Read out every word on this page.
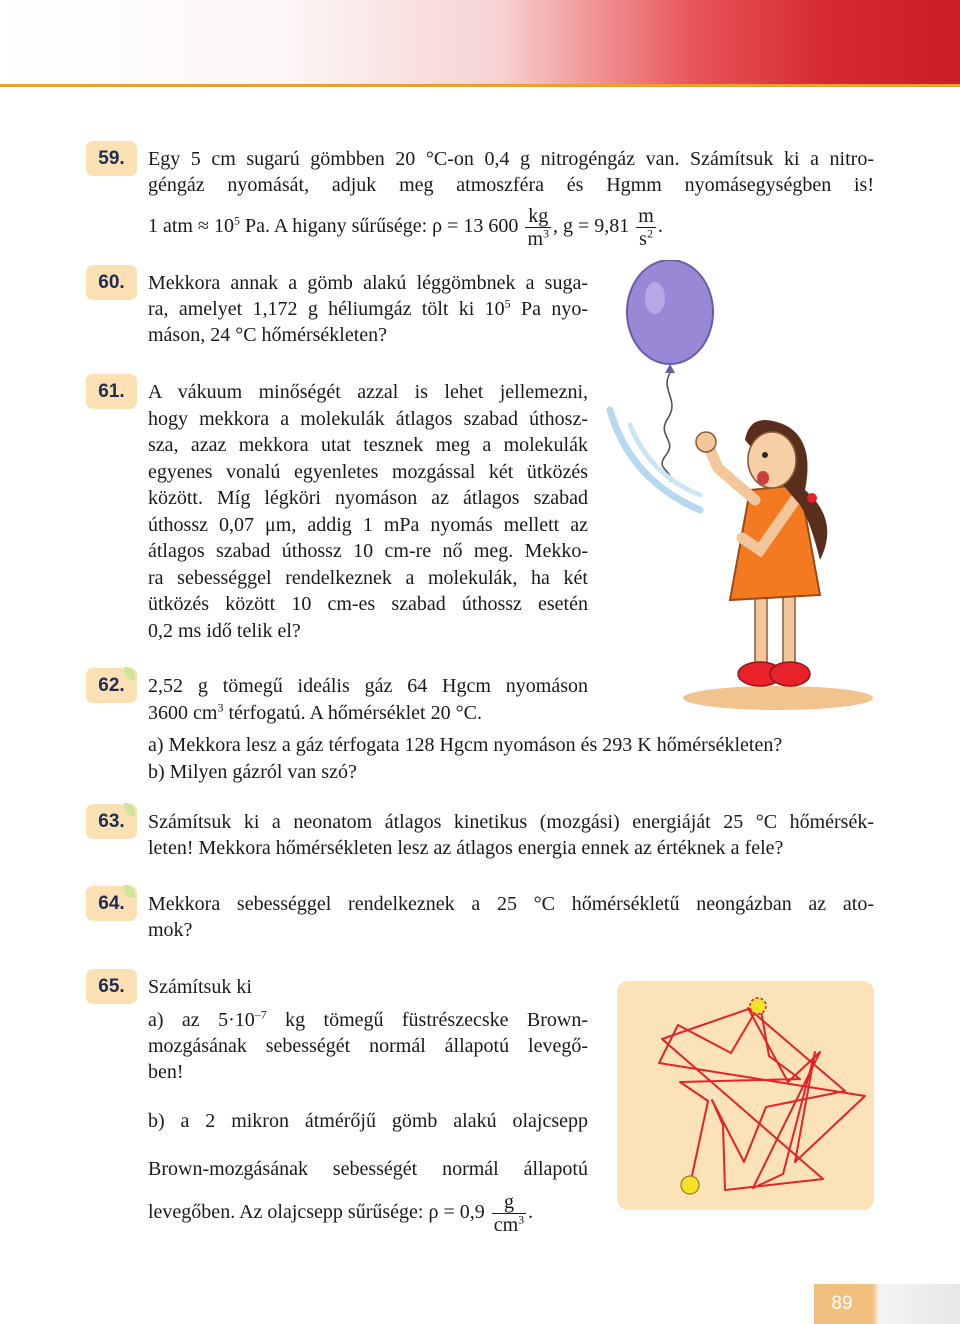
59. Egy 5 cm sugarú gömbben 20 °C-on 0,4 g nitrogéngáz van. Számítsuk ki a nitro-
géngáz nyomását, adjuk meg atmoszféra és Hgmm nyomásegységben is!
1 atm ≈ $10^5$ Pa. A higany sűrűsége: ρ = 13 $600 \frac{kg}{m^3}$ , $g = 9,81 \frac{m}{s^2}$ .
60. Mekkora annak a gömb alakú léggömbnek a suga-
ra, amelyet 1,172 g héliumgáz tölt ki $10^5$ Pa nyo-
máson, 24 °C hőmérsékleten?
61. A vákuum minőségét azzal is lehet jellemezni,
hogy mekkora a molekulák átlagos szabad úthosz-
sza, azaz mekkora utat tesznek meg a molekulák
egyenes vonalú egyenletes mozgással két ütközés
között. Míg légköri nyomáson az átlagos szabad
úthossz 0,07 μm, addig 1 mPa nyomás mellett az
átlagos szabad úthossz 10 cm-re nő meg. Mekko-
ra sebességgel rendelkeznek a molekulák, ha két
ütközés között 10 cm-es szabad úthossz esetén
0,2 ms idő telik el?
62. 2,52 g tömegű ideális gáz 64 Hgcm nyomáson
3600 $cm^3$ térfogatú. A hőmérséklet 20 °C.
a) Mekkora lesz a gáz térfogata 128 Hgcm nyomáson és 293 K hőmérsékleten?
b) Milyen gázról van szó?
63. Számítsuk ki a neonatom átlagos kinetikus (mozgási) energiáját 25 °C hőmérsék-
leten! Mekkora hőmérsékleten lesz az átlagos energia ennek az értéknek a fele?
64. Mekkora sebességgel rendelkeznek a 25 °C hőmérsékletű neongázban az ato-
mok?
65. Számítsuk ki
a) az $5\cdot 10^{-7}$ kg tömegű füstrészecske Brown-
mozgásának sebességét normál állapotú levegő-
ben!
b) a 2 mikron átmérőjű gömb alakú olajcsepp
Brown-mozgásának sebességét normál állapotú
levegőben. Az olajcsepp sűrűsége: $\rho = 0,9 \frac{g}{cm^3}$ .
89
